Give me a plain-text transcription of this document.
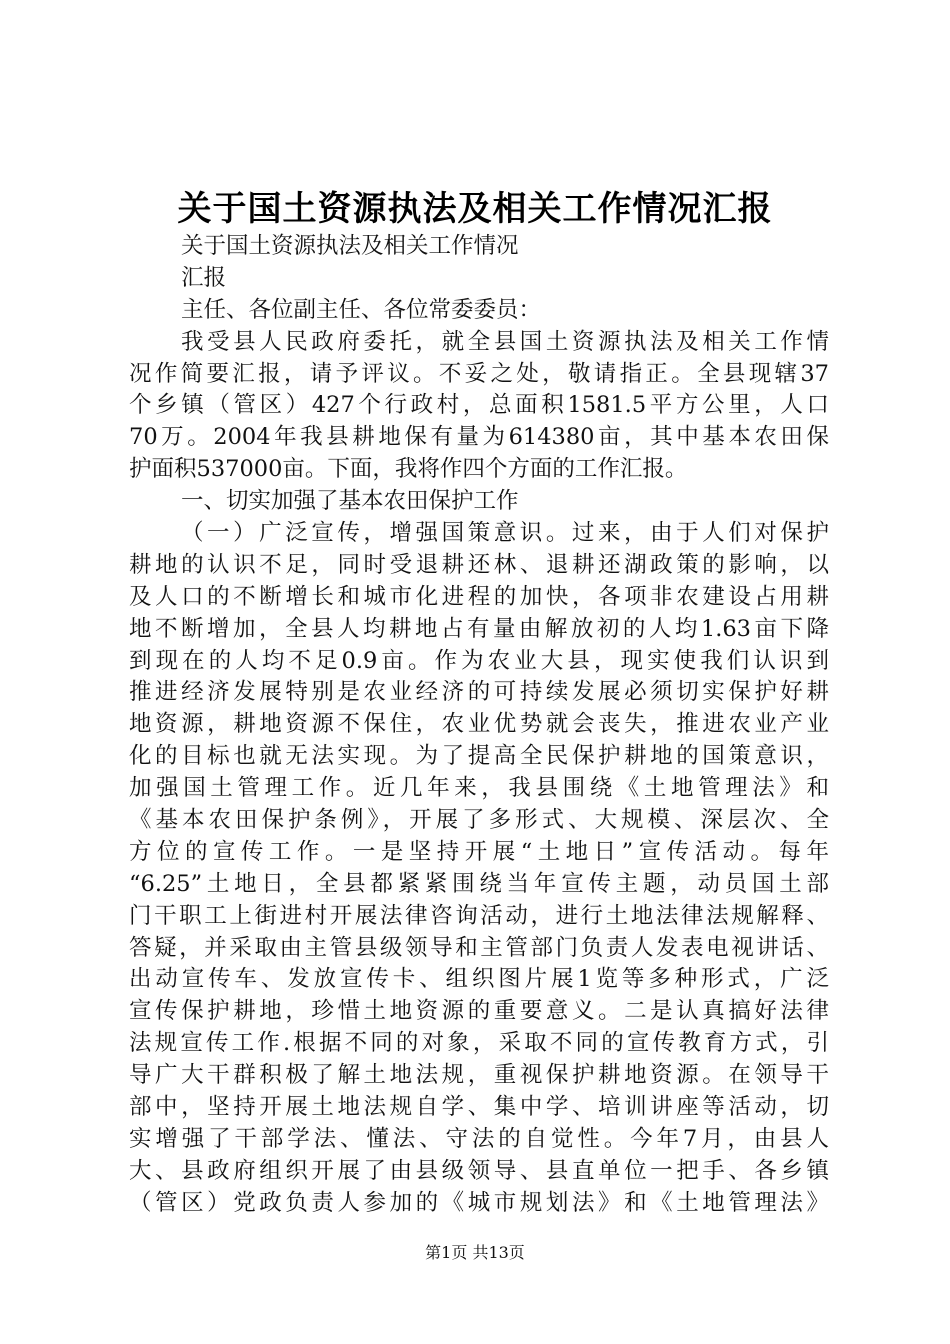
关于国土资源执法及相关工作情况汇报
关于国土资源执法及相关工作情况
汇报
主任、各位副主任、各位常委委员：
我受县人民政府委托，就全县国土资源执法及相关工作情
况作简要汇报，请予评议。不妥之处，敬请指正。全县现辖37
个乡镇（管区）427个行政村，总面积1581.5平方公里，人口
70万。2004年我县耕地保有量为614380亩，其中基本农田保
护面积537000亩。下面，我将作四个方面的工作汇报。
一、切实加强了基本农田保护工作
（一）广泛宣传，增强国策意识。过来，由于人们对保护
耕地的认识不足，同时受退耕还林、退耕还湖政策的影响，以
及人口的不断增长和城市化进程的加快，各项非农建设占用耕
地不断增加，全县人均耕地占有量由解放初的人均1.63亩下降
到现在的人均不足0.9亩。作为农业大县，现实使我们认识到
推进经济发展特别是农业经济的可持续发展必须切实保护好耕
地资源，耕地资源不保住，农业优势就会丧失，推进农业产业
化的目标也就无法实现。为了提高全民保护耕地的国策意识，
加强国土管理工作。近几年来，我县围绕《土地管理法》和
《基本农田保护条例》，开展了多形式、大规模、深层次、全
方位的宣传工作。一是坚持开展“土地日”宣传活动。每年
“6.25”土地日，全县都紧紧围绕当年宣传主题，动员国土部
门干职工上街进村开展法律咨询活动，进行土地法律法规解释、
答疑，并采取由主管县级领导和主管部门负责人发表电视讲话、
出动宣传车、发放宣传卡、组织图片展1览等多种形式，广泛
宣传保护耕地，珍惜土地资源的重要意义。二是认真搞好法律
法规宣传工作.根据不同的对象，采取不同的宣传教育方式，引
导广大干群积极了解土地法规，重视保护耕地资源。在领导干
部中，坚持开展土地法规自学、集中学、培训讲座等活动，切
实增强了干部学法、懂法、守法的自觉性。今年7月，由县人
大、县政府组织开展了由县级领导、县直单位一把手、各乡镇
（管区）党政负责人参加的《城市规划法》和《土地管理法》
第1页 共13页
